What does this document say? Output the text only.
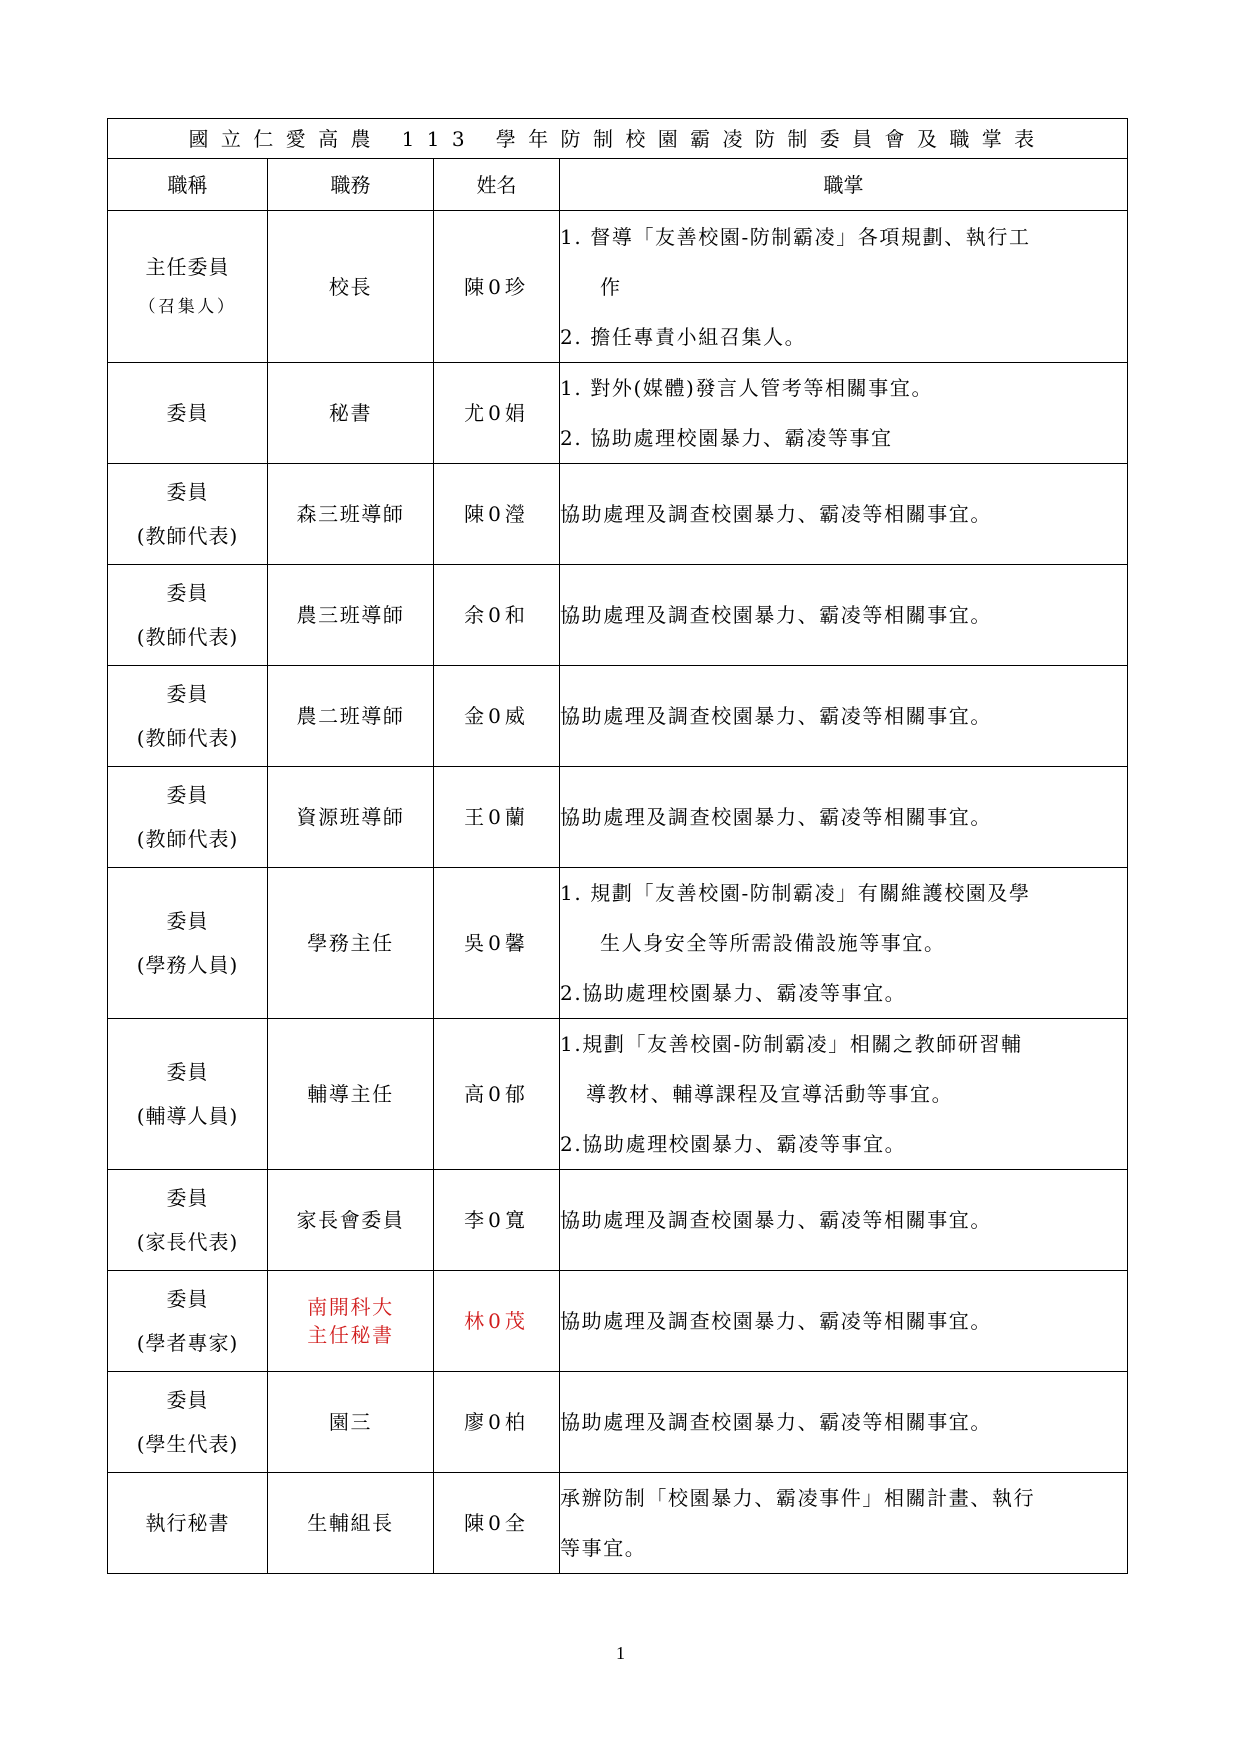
國立仁愛高農 113 學年防制校園霸凌防制委員會及職掌表			
職稱	職務	姓名	職掌

主任委員
（召集人）	校長	陳0珍	1. 督導「友善校園-防制霸凌」各項規劃、執行工
作
2. 擔任專責小組召集人。

委員	秘書	尤0娟	1. 對外(媒體)發言人管考等相關事宜。
2. 協助處理校園暴力、霸凌等事宜

委員
(教師代表)	森三班導師	陳0瀅	協助處理及調查校園暴力、霸凌等相關事宜。

委員
(教師代表)	農三班導師	余0和	協助處理及調查校園暴力、霸凌等相關事宜。

委員
(教師代表)	農二班導師	金0威	協助處理及調查校園暴力、霸凌等相關事宜。

委員
(教師代表)	資源班導師	王0蘭	協助處理及調查校園暴力、霸凌等相關事宜。

委員
(學務人員)	學務主任	吳0馨	1. 規劃「友善校園-防制霸凌」有關維護校園及學
生人身安全等所需設備設施等事宜。
2.協助處理校園暴力、霸凌等事宜。

委員
(輔導人員)	輔導主任	高0郁	1.規劃「友善校園-防制霸凌」相關之教師研習輔
導教材、輔導課程及宣導活動等事宜。
2.協助處理校園暴力、霸凌等事宜。

委員
(家長代表)	家長會委員	李0寬	協助處理及調查校園暴力、霸凌等相關事宜。

委員
(學者專家)	南開科大
主任秘書	林0茂	協助處理及調查校園暴力、霸凌等相關事宜。

委員
(學生代表)	園三	廖0柏	協助處理及調查校園暴力、霸凌等相關事宜。

執行秘書	生輔組長	陳0全	承辦防制「校園暴力、霸凌事件」相關計畫、執行
等事宜。
1
